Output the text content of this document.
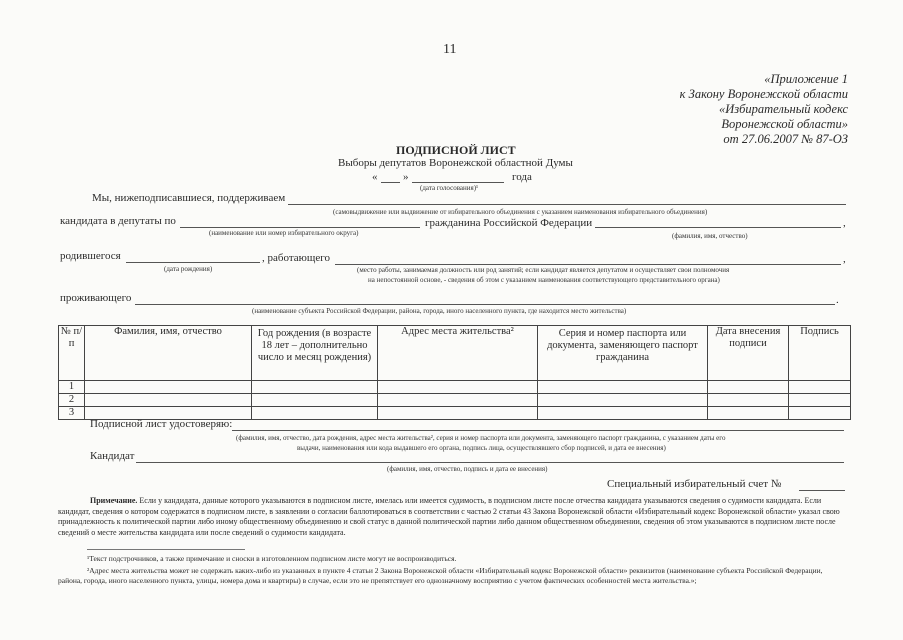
11
«Приложение 1
к Закону Воронежской области
«Избирательный кодекс
Воронежской области»
от 27.06.2007 № 87-ОЗ
ПОДПИСНОЙ ЛИСТ
Выборы депутатов Воронежской областной Думы
« »	года
(дата голосования)¹
Мы, нижеподписавшиеся, поддерживаем
(самовыдвижение или выдвижение от избирательного объединения с указанием наименования избирательного объединения)
кандидата в депутаты по	гражданина Российской Федерации	,
(наименование или номер избирательного округа)	(фамилия, имя, отчество)
родившегося	, работающего	,
(дата рождения)	(место работы, занимаемая должность или род занятий; если кандидат является депутатом и осуществляет свои полномочия
на непостоянной основе, - сведения об этом с указанием наименования соответствующего представительного органа)
проживающего	.
(наименование субъекта Российской Федерации, района, города, иного населенного пункта, где находится место жительства)
№ п/п	Фамилия, имя, отчество	Год рождения (в возрасте 18 лет – дополнительно число и месяц рождения)	Адрес места жительства²	Серия и номер паспорта или документа, заменяющего паспорт гражданина	Дата внесения подписи	Подпись
1						
2						
3						
Подписной лист удостоверяю:
(фамилия, имя, отчество, дата рождения, адрес места жительства², серия и номер паспорта или документа, заменяющего паспорт гражданина, с указанием даты его
выдачи, наименования или кода выдавшего его органа, подпись лица, осуществлявшего сбор подписей, и дата ее внесения)
Кандидат
(фамилия, имя, отчество, подпись и дата ее внесения)
Специальный избирательный счет №
Примечание. Если у кандидата, данные которого указываются в подписном листе, имелась или имеется судимость, в подписном листе после отчества кандидата указываются сведения о судимости кандидата. Если кандидат, сведения о котором содержатся в подписном листе, в заявлении о согласии баллотироваться в соответствии с частью 2 статьи 43 Закона Воронежской области «Избирательный кодекс Воронежской области» указал свою принадлежность к политической партии либо иному общественному объединению и свой статус в данной политической партии либо данном общественном объединении, сведения об этом указываются в подписном листе после сведений о месте жительства кандидата или после сведений о судимости кандидата.
¹Текст подстрочников, а также примечание и сноски в изготовленном подписном листе могут не воспроизводиться.
²Адрес места жительства может не содержать каких-либо из указанных в пункте 4 статьи 2 Закона Воронежской области «Избирательный кодекс Воронежской области» реквизитов (наименование субъекта Российской Федерации, района, города, иного населенного пункта, улицы, номера дома и квартиры) в случае, если это не препятствует его однозначному восприятию с учетом фактических особенностей места жительства.»;
